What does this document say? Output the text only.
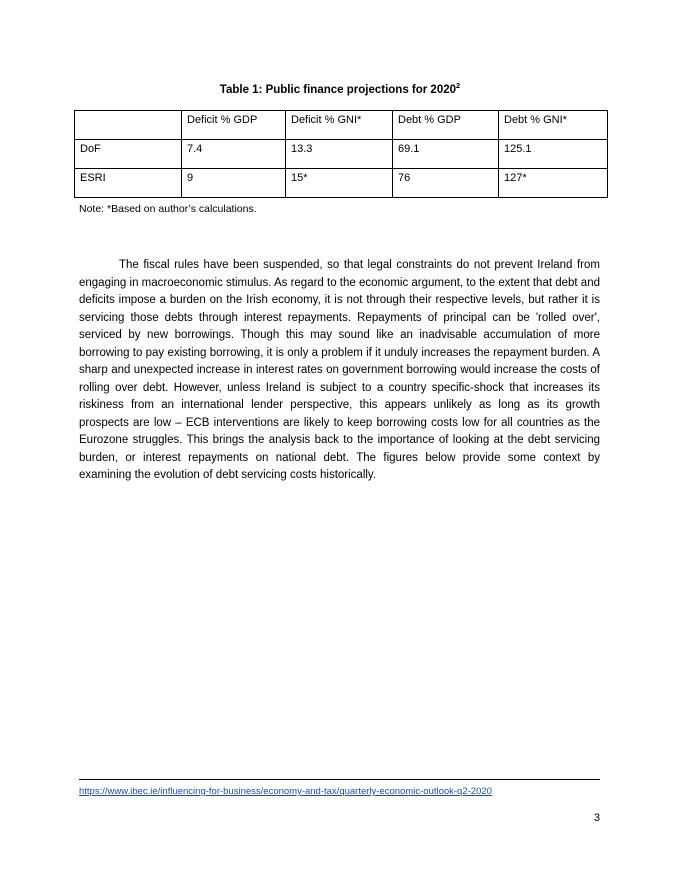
Table 1: Public finance projections for 2020$^2$
	Deficit % GDP	Deficit % GNI*	Debt % GDP	Debt % GNI*
DoF	7.4	13.3	69.1	125.1
ESRI	9	15*	76	127*
Note: *Based on author’s calculations.

The fiscal rules have been suspended, so that legal constraints do not prevent Ireland from engaging in macroeconomic stimulus. As regard to the economic argument, to the extent that debt and deficits impose a burden on the Irish economy, it is not through their respective levels, but rather it is servicing those debts through interest repayments. Repayments of principal can be 'rolled over', serviced by new borrowings. Though this may sound like an inadvisable accumulation of more borrowing to pay existing borrowing, it is only a problem if it unduly increases the repayment burden. A sharp and unexpected increase in interest rates on government borrowing would increase the costs of rolling over debt. However, unless Ireland is subject to a country specific-shock that increases its riskiness from an international lender perspective, this appears unlikely as long as its growth prospects are low – ECB interventions are likely to keep borrowing costs low for all countries as the Eurozone struggles. This brings the analysis back to the importance of looking at the debt servicing burden, or interest repayments on national debt. The figures below provide some context by examining the evolution of debt servicing costs historically.

https://www.ibec.ie/influencing-for-business/economy-and-tax/quarterly-economic-outlook-q2-2020
3
